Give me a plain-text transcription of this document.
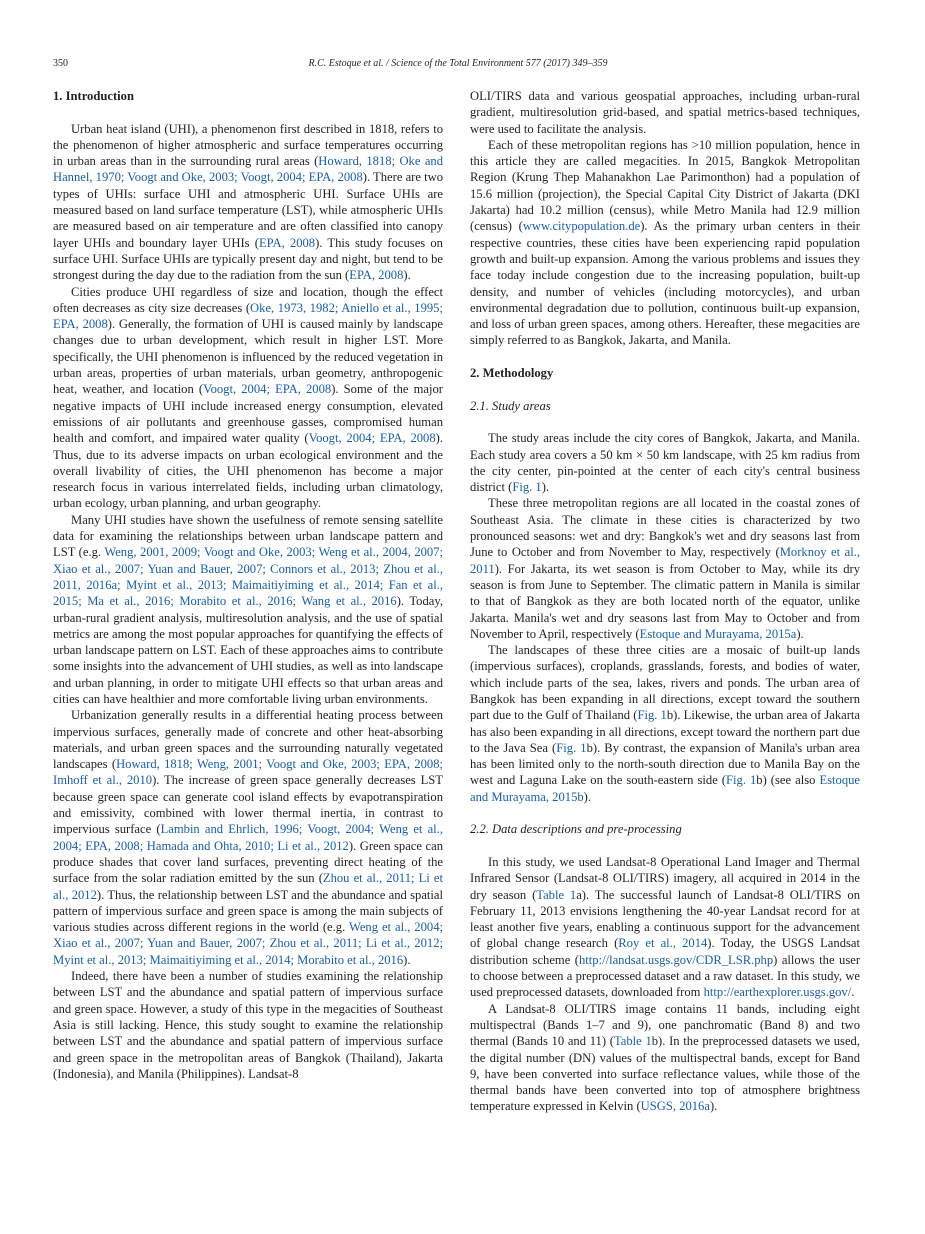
350	R.C. Estoque et al. / Science of the Total Environment 577 (2017) 349–359
1. Introduction

Urban heat island (UHI), a phenomenon first described in 1818, refers to the phenomenon of higher atmospheric and surface temperatures occurring in urban areas than in the surrounding rural areas (Howard, 1818; Oke and Hannel, 1970; Voogt and Oke, 2003; Voogt, 2004; EPA, 2008). There are two types of UHIs: surface UHI and atmospheric UHI. Surface UHIs are measured based on land surface temperature (LST), while atmospheric UHIs are measured based on air temperature and are often classified into canopy layer UHIs and boundary layer UHIs (EPA, 2008). This study focuses on surface UHI. Surface UHIs are typically present day and night, but tend to be strongest during the day due to the radiation from the sun (EPA, 2008).

Cities produce UHI regardless of size and location, though the effect often decreases as city size decreases (Oke, 1973, 1982; Aniello et al., 1995; EPA, 2008). Generally, the formation of UHI is caused mainly by landscape changes due to urban development, which result in higher LST. More specifically, the UHI phenomenon is influenced by the reduced vegetation in urban areas, properties of urban materials, urban geometry, anthropogenic heat, weather, and location (Voogt, 2004; EPA, 2008). Some of the major negative impacts of UHI include increased energy consumption, elevated emissions of air pollutants and greenhouse gasses, compromised human health and comfort, and impaired water quality (Voogt, 2004; EPA, 2008). Thus, due to its adverse impacts on urban ecological environment and the overall livability of cities, the UHI phenomenon has become a major research focus in various interrelated fields, including urban climatology, urban ecology, urban planning, and urban geography.

Many UHI studies have shown the usefulness of remote sensing satellite data for examining the relationships between urban landscape pattern and LST (e.g. Weng, 2001, 2009; Voogt and Oke, 2003; Weng et al., 2004, 2007; Xiao et al., 2007; Yuan and Bauer, 2007; Connors et al., 2013; Zhou et al., 2011, 2016a; Myint et al., 2013; Maimaitiyiming et al., 2014; Fan et al., 2015; Ma et al., 2016; Morabito et al., 2016; Wang et al., 2016). Today, urban-rural gradient analysis, multiresolution analysis, and the use of spatial metrics are among the most popular approaches for quantifying the effects of urban landscape pattern on LST. Each of these approaches aims to contribute some insights into the advancement of UHI studies, as well as into landscape and urban planning, in order to mitigate UHI effects so that urban areas and cities can have healthier and more comfortable living urban environments.

Urbanization generally results in a differential heating process between impervious surfaces, generally made of concrete and other heat-absorbing materials, and urban green spaces and the surrounding naturally vegetated landscapes (Howard, 1818; Weng, 2001; Voogt and Oke, 2003; EPA, 2008; Imhoff et al., 2010). The increase of green space generally decreases LST because green space can generate cool island effects by evapotranspiration and emissivity, combined with lower thermal inertia, in contrast to impervious surface (Lambin and Ehrlich, 1996; Voogt, 2004; Weng et al., 2004; EPA, 2008; Hamada and Ohta, 2010; Li et al., 2012). Green space can produce shades that cover land surfaces, preventing direct heating of the surface from the solar radiation emitted by the sun (Zhou et al., 2011; Li et al., 2012). Thus, the relationship between LST and the abundance and spatial pattern of impervious surface and green space is among the main subjects of various studies across different regions in the world (e.g. Weng et al., 2004; Xiao et al., 2007; Yuan and Bauer, 2007; Zhou et al., 2011; Li et al., 2012; Myint et al., 2013; Maimaitiyiming et al., 2014; Morabito et al., 2016).

Indeed, there have been a number of studies examining the relationship between LST and the abundance and spatial pattern of impervious surface and green space. However, a study of this type in the megacities of Southeast Asia is still lacking. Hence, this study sought to examine the relationship between LST and the abundance and spatial pattern of impervious surface and green space in the metropolitan areas of Bangkok (Thailand), Jakarta (Indonesia), and Manila (Philippines). Landsat-8

OLI/TIRS data and various geospatial approaches, including urban-rural gradient, multiresolution grid-based, and spatial metrics-based techniques, were used to facilitate the analysis.

Each of these metropolitan regions has >10 million population, hence in this article they are called megacities. In 2015, Bangkok Metropolitan Region (Krung Thep Mahanakhon Lae Parimonthon) had a population of 15.6 million (projection), the Special Capital City District of Jakarta (DKI Jakarta) had 10.2 million (census), while Metro Manila had 12.9 million (census) (www.citypopulation.de). As the primary urban centers in their respective countries, these cities have been experiencing rapid population growth and built-up expansion. Among the various problems and issues they face today include congestion due to the increasing population, built-up density, and number of vehicles (including motorcycles), and urban environmental degradation due to pollution, continuous built-up expansion, and loss of urban green spaces, among others. Hereafter, these megacities are simply referred to as Bangkok, Jakarta, and Manila.

2. Methodology
2.1. Study areas

The study areas include the city cores of Bangkok, Jakarta, and Manila. Each study area covers a 50 km × 50 km landscape, with 25 km radius from the city center, pin-pointed at the center of each city's central business district (Fig. 1).

These three metropolitan regions are all located in the coastal zones of Southeast Asia. The climate in these cities is characterized by two pronounced seasons: wet and dry: Bangkok's wet and dry seasons last from June to October and from November to May, respectively (Morknoy et al., 2011). For Jakarta, its wet season is from October to May, while its dry season is from June to September. The climatic pattern in Manila is similar to that of Bangkok as they are both located north of the equator, unlike Jakarta. Manila's wet and dry seasons last from May to October and from November to April, respectively (Estoque and Murayama, 2015a).

The landscapes of these three cities are a mosaic of built-up lands (impervious surfaces), croplands, grasslands, forests, and bodies of water, which include parts of the sea, lakes, rivers and ponds. The urban area of Bangkok has been expanding in all directions, except toward the southern part due to the Gulf of Thailand (Fig. 1b). Likewise, the urban area of Jakarta has also been expanding in all directions, except toward the northern part due to the Java Sea (Fig. 1b). By contrast, the expansion of Manila's urban area has been limited only to the north-south direction due to Manila Bay on the west and Laguna Lake on the south-eastern side (Fig. 1b) (see also Estoque and Murayama, 2015b).

2.2. Data descriptions and pre-processing

In this study, we used Landsat-8 Operational Land Imager and Thermal Infrared Sensor (Landsat-8 OLI/TIRS) imagery, all acquired in 2014 in the dry season (Table 1a). The successful launch of Landsat-8 OLI/TIRS on February 11, 2013 envisions lengthening the 40-year Landsat record for at least another five years, enabling a continuous support for the advancement of global change research (Roy et al., 2014). Today, the USGS Landsat distribution scheme (http://landsat.usgs.gov/CDR_LSR.php) allows the user to choose between a preprocessed dataset and a raw dataset. In this study, we used preprocessed datasets, downloaded from http://earthexplorer.usgs.gov/.

A Landsat-8 OLI/TIRS image contains 11 bands, including eight multispectral (Bands 1–7 and 9), one panchromatic (Band 8) and two thermal (Bands 10 and 11) (Table 1b). In the preprocessed datasets we used, the digital number (DN) values of the multispectral bands, except for Band 9, have been converted into surface reflectance values, while those of the thermal bands have been converted into top of atmosphere brightness temperature expressed in Kelvin (USGS, 2016a).
